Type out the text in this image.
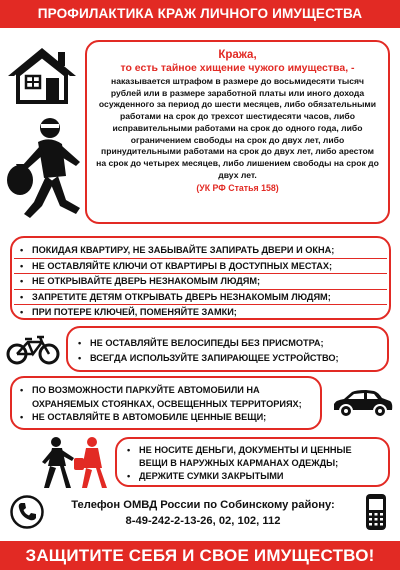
ПРОФИЛАКТИКА КРАЖ ЛИЧНОГО ИМУЩЕСТВА
Кража,
то есть тайное хищение чужого имущества, -
наказывается штрафом в размере до восьмидесяти тысяч рублей или в размере заработной платы или иного дохода осужденного за период до шести месяцев, либо обязательными работами на срок до трехсот шестидесяти часов, либо исправительными работами на срок до одного года, либо ограничением свободы на срок до двух лет, либо принудительными работами на срок до двух лет, либо арестом на срок до четырех месяцев, либо лишением свободы на срок до двух лет.
(УК РФ Статья 158)
• ПОКИДАЯ КВАРТИРУ, НЕ ЗАБЫВАЙТЕ ЗАПИРАТЬ ДВЕРИ И ОКНА;
• НЕ ОСТАВЛЯЙТЕ КЛЮЧИ ОТ КВАРТИРЫ В ДОСТУПНЫХ МЕСТАХ;
• НЕ ОТКРЫВАЙТЕ ДВЕРЬ НЕЗНАКОМЫМ ЛЮДЯМ;
• ЗАПРЕТИТЕ ДЕТЯМ ОТКРЫВАТЬ ДВЕРЬ НЕЗНАКОМЫМ ЛЮДЯМ;
• ПРИ ПОТЕРЕ КЛЮЧЕЙ, ПОМЕНЯЙТЕ ЗАМКИ;
• НЕ ОСТАВЛЯЙТЕ ВЕЛОСИПЕДЫ БЕЗ ПРИСМОТРА;
• ВСЕГДА ИСПОЛЬЗУЙТЕ ЗАПИРАЮЩЕЕ УСТРОЙСТВО;
• ПО ВОЗМОЖНОСТИ ПАРКУЙТЕ АВТОМОБИЛИ НА ОХРАНЯЕМЫХ СТОЯНКАХ, ОСВЕЩЕННЫХ ТЕРРИТОРИЯХ;
• НЕ ОСТАВЛЯЙТЕ В АВТОМОБИЛЕ ЦЕННЫЕ ВЕЩИ;
• НЕ НОСИТЕ ДЕНЬГИ, ДОКУМЕНТЫ И ЦЕННЫЕ ВЕЩИ В НАРУЖНЫХ КАРМАНАХ ОДЕЖДЫ;
• ДЕРЖИТЕ СУМКИ ЗАКРЫТЫМИ
Телефон ОМВД России по Собинскому району:
8-49-242-2-13-26, 02, 102, 112
ЗАЩИТИТЕ СЕБЯ И СВОЕ ИМУЩЕСТВО!
